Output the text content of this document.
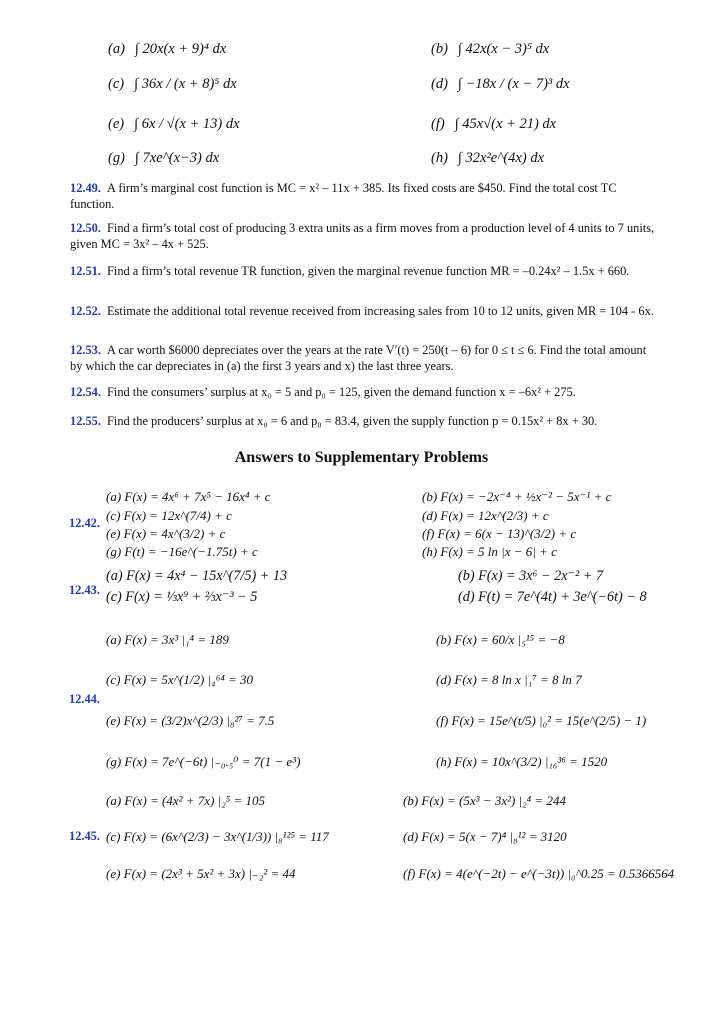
(a) ∫ 20x(x + 9)⁴ dx	(b) ∫ 42x(x − 3)⁵ dx
(c) ∫ 36x / (x + 8)⁵ dx	(d) ∫ −18x / (x − 7)³ dx
(e) ∫ 6x / √(x + 13) dx	(f) ∫ 45x√(x + 21) dx
(g) ∫ 7xe^(x−3) dx	(h) ∫ 32x²e^(4x) dx
12.49. A firm’s marginal cost function is MC = x² – 11x + 385. Its fixed costs are $450. Find the total cost TC function.
12.50. Find a firm’s total cost of producing 3 extra units as a firm moves from a production level of 4 units to 7 units, given MC = 3x² – 4x + 525.
12.51. Find a firm’s total revenue TR function, given the marginal revenue function MR = –0.24x² – 1.5x + 660.
12.52. Estimate the additional total revenue received from increasing sales from 10 to 12 units, given MR = 104 - 6x.
12.53. A car worth $6000 depreciates over the years at the rate V′(t) = 250(t – 6) for 0 ≤ t ≤ 6. Find the total amount by which the car depreciates in (a) the first 3 years and x) the last three years.
12.54. Find the consumers’ surplus at x₀ = 5 and p₀ = 125, given the demand function x = –6x² + 275.
12.55. Find the producers’ surplus at x₀ = 6 and p₀ = 83.4, given the supply function p = 0.15x² + 8x + 30.
Answers to Supplementary Problems
12.42.
(a) F(x) = 4x⁶ + 7x⁵ − 16x⁴ + c	(b) F(x) = −2x⁻⁴ + ½x⁻² − 5x⁻¹ + c
(c) F(x) = 12x^(7/4) + c	(d) F(x) = 12x^(2/3) + c
(e) F(x) = 4x^(3/2) + c	(f) F(x) = 6(x − 13)^(3/2) + c
(g) F(t) = −16e^(−1.75t) + c	(h) F(x) = 5 ln |x − 6| + c
12.43.
(a) F(x) = 4x⁴ − 15x^(7/5) + 13	(b) F(x) = 3x⁶ − 2x⁻² + 7
(c) F(x) = ⅓x⁹ + ⅔x⁻³ − 5	(d) F(t) = 7e^(4t) + 3e^(−6t) − 8
12.44.
(a) F(x) = 3x³ |₁⁴ = 189	(b) F(x) = 60/x |₅¹⁵ = −8
(c) F(x) = 5x^(1/2) |₄⁶⁴ = 30	(d) F(x) = 8 ln x |₁⁷ = 8 ln 7
(e) F(x) = (3/2)x^(2/3) |₈²⁷ = 7.5	(f) F(x) = 15e^(t/5) |₀² = 15(e^(2/5) − 1)
(g) F(x) = 7e^(−6t) |₋₀.₅⁰ = 7(1 − e³)	(h) F(x) = 10x^(3/2) |₁₆³⁶ = 1520
12.45.
(a) F(x) = (4x² + 7x) |₂⁵ = 105	(b) F(x) = (5x³ − 3x²) |₂⁴ = 244
(c) F(x) = (6x^(2/3) − 3x^(1/3)) |₈¹²⁵ = 117	(d) F(x) = 5(x − 7)⁴ |₈¹² = 3120
(e) F(x) = (2x³ + 5x² + 3x) |₋₂² = 44	(f) F(x) = 4(e^(−2t) − e^(−3t)) |₀^0.25 = 0.5366564
